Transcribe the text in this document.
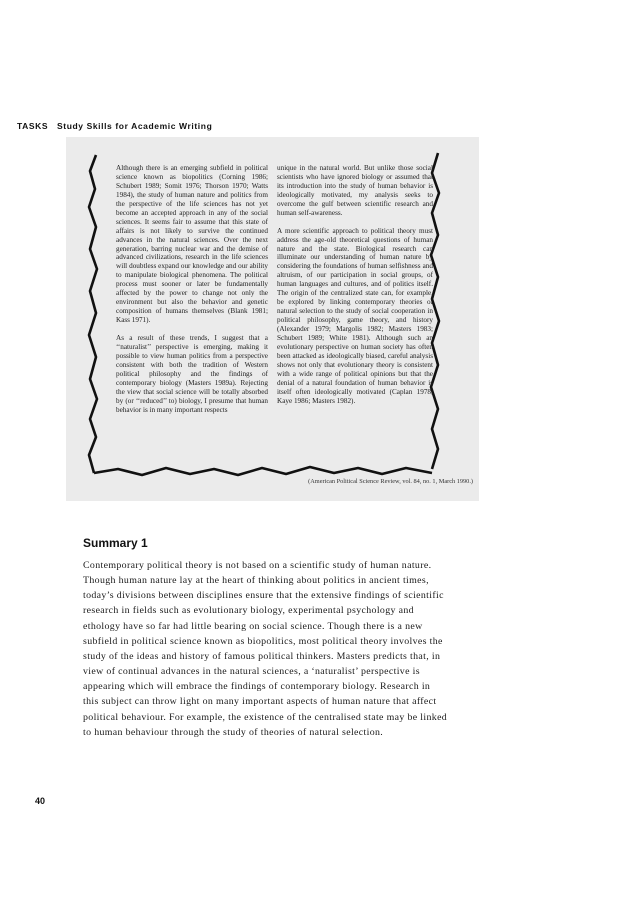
TASKS Study Skills for Academic Writing

Although there is an emerging subfield in political science known as biopolitics (Corning 1986; Schubert 1989; Somit 1976; Thorson 1970; Watts 1984), the study of human nature and politics from the perspective of the life sciences has not yet become an accepted approach in any of the social sciences. It seems fair to assume that this state of affairs is not likely to survive the continued advances in the natural sciences. Over the next generation, barring nuclear war and the demise of advanced civilizations, research in the life sciences will doubtless expand our knowledge and our ability to manipulate biological phenomena. The political process must sooner or later be fundamentally affected by the power to change not only the environment but also the behavior and genetic composition of humans themselves (Blank 1981; Kass 1971).

As a result of these trends, I suggest that a ‘‘naturalist’’ perspective is emerging, making it possible to view human politics from a perspective consistent with both the tradition of Western political philosophy and the findings of contemporary biology (Masters 1989a). Rejecting the view that social science will be totally absorbed by (or ‘‘reduced’’ to) biology, I presume that human behavior is in many important respects

unique in the natural world. But unlike those social scientists who have ignored biology or assumed that its introduction into the study of human behavior is ideologically motivated, my analysis seeks to overcome the gulf between scientific research and human self-awareness.

A more scientific approach to political theory must address the age-old theoretical questions of human nature and the state. Biological research can illuminate our understanding of human nature by considering the foundations of human selfishness and altruism, of our participation in social groups, of human languages and cultures, and of politics itself. The origin of the centralized state can, for example, be explored by linking contemporary theories of natural selection to the study of social cooperation in political philosophy, game theory, and history (Alexander 1979; Margolis 1982; Masters 1983; Schubert 1989; White 1981). Although such an evolutionary perspective on human society has often been attacked as ideologically biased, careful analysis shows not only that evolutionary theory is consistent with a wide range of political opinions but that the denial of a natural foundation of human behavior is itself often ideologically motivated (Caplan 1978; Kaye 1986; Masters 1982).

(American Political Science Review, vol. 84, no. 1, March 1990.)
Summary 1
Contemporary political theory is not based on a scientific study of human nature.
Though human nature lay at the heart of thinking about politics in ancient times,
today’s divisions between disciplines ensure that the extensive findings of scientific
research in fields such as evolutionary biology, experimental psychology and
ethology have so far had little bearing on social science. Though there is a new
subfield in political science known as biopolitics, most political theory involves the
study of the ideas and history of famous political thinkers. Masters predicts that, in
view of continual advances in the natural sciences, a ‘naturalist’ perspective is
appearing which will embrace the findings of contemporary biology. Research in
this subject can throw light on many important aspects of human nature that affect
political behaviour. For example, the existence of the centralised state may be linked
to human behaviour through the study of theories of natural selection.
40
